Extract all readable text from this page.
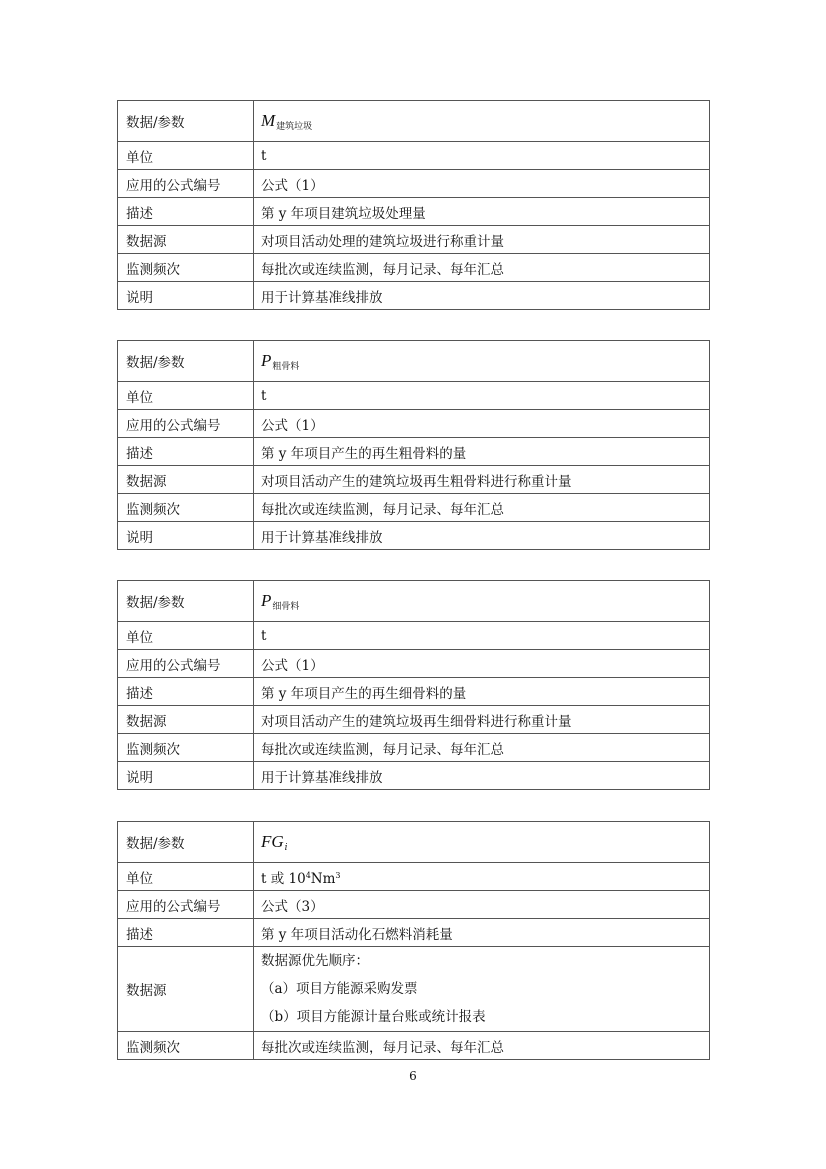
数据/参数	$M_{建筑垃圾}$
单位	t
应用的公式编号	公式（1）
描述	第 y 年项目建筑垃圾处理量
数据源	对项目活动处理的建筑垃圾进行称重计量
监测频次	每批次或连续监测，每月记录、每年汇总
说明	用于计算基准线排放
数据/参数	$P_{粗骨料}$
单位	t
应用的公式编号	公式（1）
描述	第 y 年项目产生的再生粗骨料的量
数据源	对项目活动产生的建筑垃圾再生粗骨料进行称重计量
监测频次	每批次或连续监测，每月记录、每年汇总
说明	用于计算基准线排放
数据/参数	$P_{细骨料}$
单位	t
应用的公式编号	公式（1）
描述	第 y 年项目产生的再生细骨料的量
数据源	对项目活动产生的建筑垃圾再生细骨料进行称重计量
监测频次	每批次或连续监测，每月记录、每年汇总
说明	用于计算基准线排放
数据/参数	$FG_i$
单位	t 或 $10^4Nm^3$
应用的公式编号	公式（3）
描述	第 y 年项目活动化石燃料消耗量
数据源	数据源优先顺序：
（a）项目方能源采购发票
（b）项目方能源计量台账或统计报表

监测频次	每批次或连续监测，每月记录、每年汇总
6
